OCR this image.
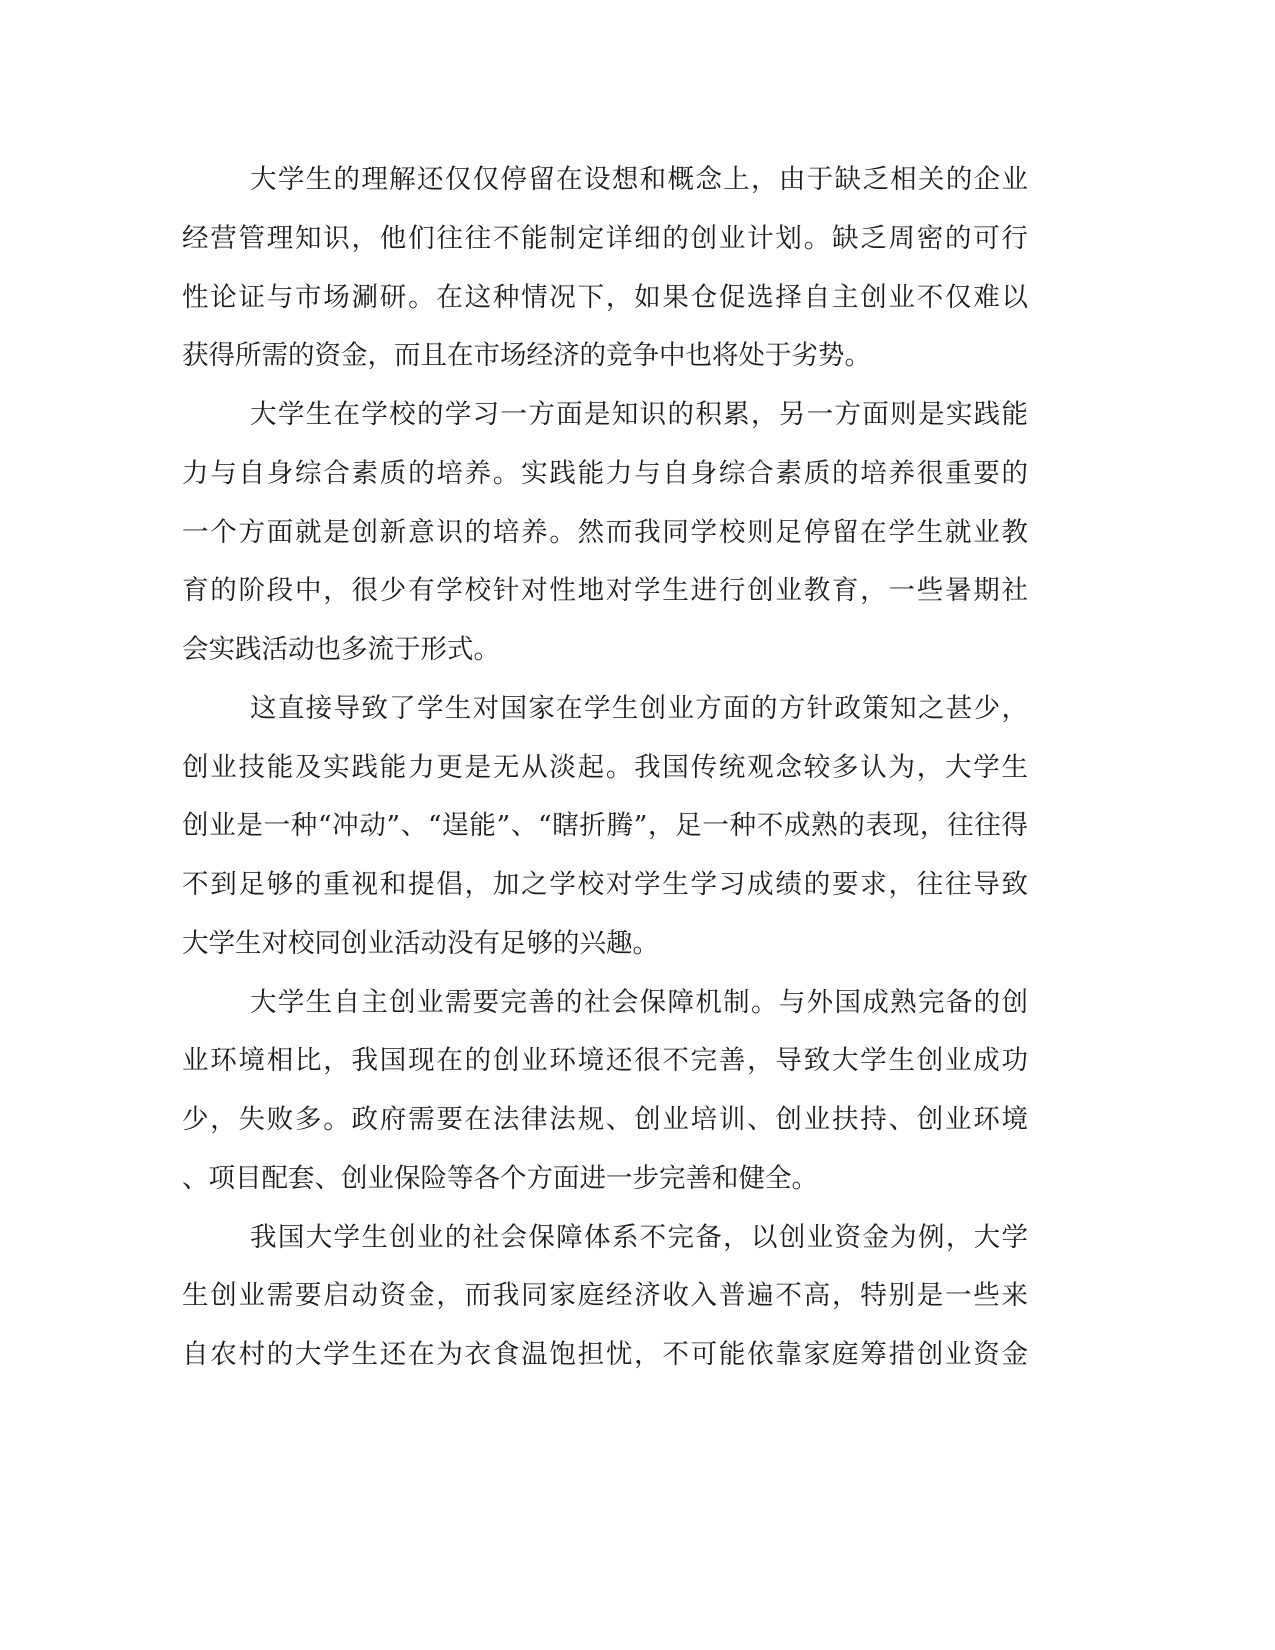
大学生的理解还仅仅停留在设想和概念上，由于缺乏相关的企业

经营管理知识，他们往往不能制定详细的创业计划。缺乏周密的可行

性论证与市场涮研。在这种情况下，如果仓促选择自主创业不仅难以

获得所需的资金，而且在市场经济的竞争中也将处于劣势。

大学生在学校的学习一方面是知识的积累，另一方面则是实践能

力与自身综合素质的培养。实践能力与自身综合素质的培养很重要的

一个方面就是创新意识的培养。然而我同学校则足停留在学生就业教

育的阶段中，很少有学校针对性地对学生进行创业教育，一些暑期社

会实践活动也多流于形式。

这直接导致了学生对国家在学生创业方面的方针政策知之甚少，

创业技能及实践能力更是无从淡起。我国传统观念较多认为，大学生

创业是一种“冲动”、“逞能”、“瞎折腾”，足一种不成熟的表现，往往得

不到足够的重视和提倡，加之学校对学生学习成绩的要求，往往导致

大学生对校同创业活动没有足够的兴趣。

大学生自主创业需要完善的社会保障机制。与外国成熟完备的创

业环境相比，我国现在的创业环境还很不完善，导致大学生创业成功

少，失败多。政府需要在法律法规、创业培训、创业扶持、创业环境

、项目配套、创业保险等各个方面进一步完善和健全。

我国大学生创业的社会保障体系不完备，以创业资金为例，大学

生创业需要启动资金，而我同家庭经济收入普遍不高，特别是一些来

自农村的大学生还在为衣食温饱担忧，不可能依靠家庭筹措创业资金
